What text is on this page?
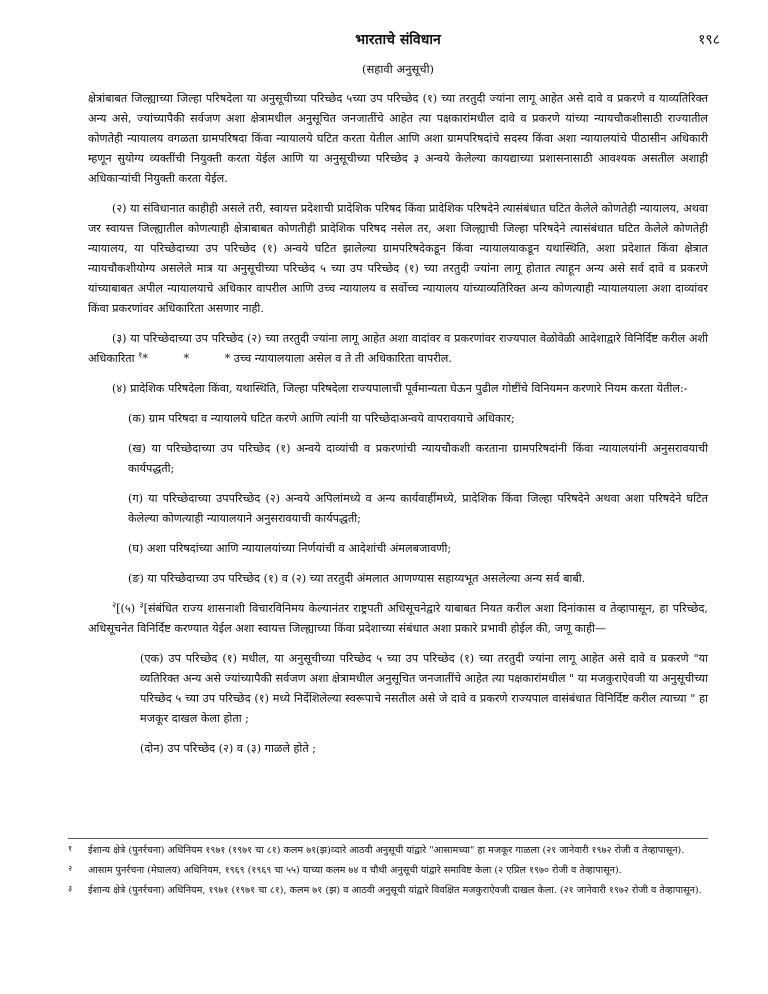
भारताचे संविधान	१९८
(सहावी अनुसूची)

क्षेत्रांबाबत जिल्ह्याच्या जिल्हा परिषदेला या अनुसूचीच्या परिच्छेद ५च्या उप परिच्छेद (१) च्या तरतुदी ज्यांना लागू आहेत असे दावे व प्रकरणे व याव्यतिरिक्त अन्य असे, ज्यांच्यापैकी सर्वजण अशा क्षेत्रामधील अनुसूचित जनजातींचे आहेत त्या पक्षकारांमधील दावे व प्रकरणे यांच्या न्यायचौकशीसाठी राज्यातील कोणतेही न्यायालय वगळता ग्रामपरिषदा किंवा न्यायालये घटित करता येतील आणि अशा ग्रामपरिषदांचे सदस्य किंवा अशा न्यायालयांचे पीठासीन अधिकारी म्हणून सुयोग्य व्यक्तींची नियुक्ती करता येईल आणि या अनुसूचीच्या परिच्छेद ३ अन्वये केलेल्या कायद्याच्या प्रशासनासाठी आवश्यक असतील अशाही अधिकाऱ्यांची नियुक्ती करता येईल.

(२) या संविधानात काहीही असले तरी, स्वायत्त प्रदेशाची प्रादेशिक परिषद किंवा प्रादेशिक परिषदेने त्यासंबंधात घटित केलेले कोणतेही न्यायालय, अथवा जर स्वायत्त जिल्ह्यातील कोणत्याही क्षेत्राबाबत कोणतीही प्रादेशिक परिषद नसेल तर, अशा जिल्ह्याची जिल्हा परिषदेने त्यासंबंधात घटित केलेले कोणतेही न्यायालय, या परिच्छेदाच्या उप परिच्छेद (१) अन्वये घटित झालेल्या ग्रामपरिषदेकडून किंवा न्यायालयाकडून यथास्थिति, अशा प्रदेशात किंवा क्षेत्रात न्यायचौकशीयोग्य असलेले मात्र या अनुसूचीच्या परिच्छेद ५ च्या उप परिच्छेद (१) च्या तरतुदी ज्यांना लागू होतात त्याहून अन्य असे सर्व दावे व प्रकरणे यांच्याबाबत अपील न्यायालयाचे अधिकार वापरील आणि उच्च न्यायालय व सर्वोच्च न्यायालय यांच्याव्यतिरिक्त अन्य कोणत्याही न्यायालयाला अशा दाव्यांवर किंवा प्रकरणांवर अधिकारिता असणार नाही.

(३) या परिच्छेदाच्या उप परिच्छेद (२) च्या तरतुदी ज्यांना लागू आहेत अशा वादांवर व प्रकरणांवर राज्यपाल वेळोवेळी आदेशाद्वारे विनिर्दिष्ट करील अशी अधिकारिता $^१$*          *          * उच्च न्यायालयाला असेल व ते ती अधिकारिता वापरील.

(४) प्रादेशिक परिषदेला किंवा, यथास्थिति, जिल्हा परिषदेला राज्यपालाची पूर्वमान्यता घेऊन पुढील गोष्टींचे विनियमन करणारे नियम करता येतील:-

(क) ग्राम परिषदा व न्यायालये घटित करणे आणि त्यांनी या परिच्छेदाअन्वये वापरावयाचे अधिकार;

(ख) या परिच्छेदाच्या उप परिच्छेद (१) अन्वये दाव्यांची व प्रकरणांची न्यायचौकशी करताना ग्रामपरिषदांनी किंवा न्यायालयांनी अनुसरावयाची कार्यपद्धती;

(ग) या परिच्छेदाच्या उपपरिच्छेद (२) अन्वये अपिलांमध्ये व अन्य कार्यवाहींमध्ये, प्रादेशिक किंवा जिल्हा परिषदेने अथवा अशा परिषदेने घटित केलेल्या कोणत्याही न्यायालयाने अनुसरावयाची कार्यपद्धती;

(घ) अशा परिषदांच्या आणि न्यायालयांच्या निर्णयांची व आदेशांची अंमलबजावणी;

(ङ) या परिच्छेदाच्या उप परिच्छेद (१) व (२) च्या तरतुदी अंमलात आणण्यास सहाय्यभूत असलेल्या अन्य सर्व बाबी.

$^२$[(५) $^३$[संबंधित राज्य शासनाशी विचारविनिमय केल्यानंतर राष्ट्रपती अधिसूचनेद्वारे याबाबत नियत करील अशा दिनांकास व तेव्हापासून, हा परिच्छेद, अधिसूचनेत विनिर्दिष्ट करण्यात येईल अशा स्वायत्त जिल्ह्याच्या किंवा प्रदेशाच्या संबंधात अशा प्रकारे प्रभावी होईल की, जणू काही—

(एक) उप परिच्छेद (१) मधील, या अनुसूचीच्या परिच्छेद ५ च्या उप परिच्छेद (१) च्या तरतुदी ज्यांना लागू आहेत असे दावे व प्रकरणे "या व्यतिरिक्त अन्य असे ज्यांच्यापैकी सर्वजण अशा क्षेत्रामधील अनुसूचित जनजातींचे आहेत त्या पक्षकारांमधील " या मजकुराऐवजी या अनुसूचीच्या परिच्छेद ५ च्या उप परिच्छेद (१) मध्ये निर्देशिलेल्या स्वरूपाचे नसतील असे जे दावे व प्रकरणे राज्यपाल वासंबंधात विनिर्दिष्ट करील त्याच्या " हा मजकूर दाखल केला होता ;

(दोन) उप परिच्छेद (२) व (३) गाळले होते ;

१ ईशान्य क्षेत्रे (पुनर्रचना) अधिनियम १९७१ (१९७१ चा ८१) कलम ७१(झ)व्दारे आठवी अनुसूची यांद्वारे "आसामच्या" हा मजकूर गाळला (२१ जानेवारी १९७२ रोजी व तेव्हापासून).
२ आसाम पुनर्रचना (मेघालय) अधिनियम, १९६९ (१९६९ चा ५५) याच्या कलम ७४ व चौथी अनुसूची यांद्वारे समाविष्ट केला (२ एप्रिल १९७० रोजी व तेव्हापासून).
३ ईशान्य क्षेत्रे (पुनर्रचना) अधिनियम, १९७१ (१९७१ चा ८१), कलम ७१ (झ) व आठवी अनुसूची यांद्वारे विवक्षित मजकुराऐवजी दाखल केला. (२१ जानेवारी १९७२ रोजी व तेव्हापासून).
